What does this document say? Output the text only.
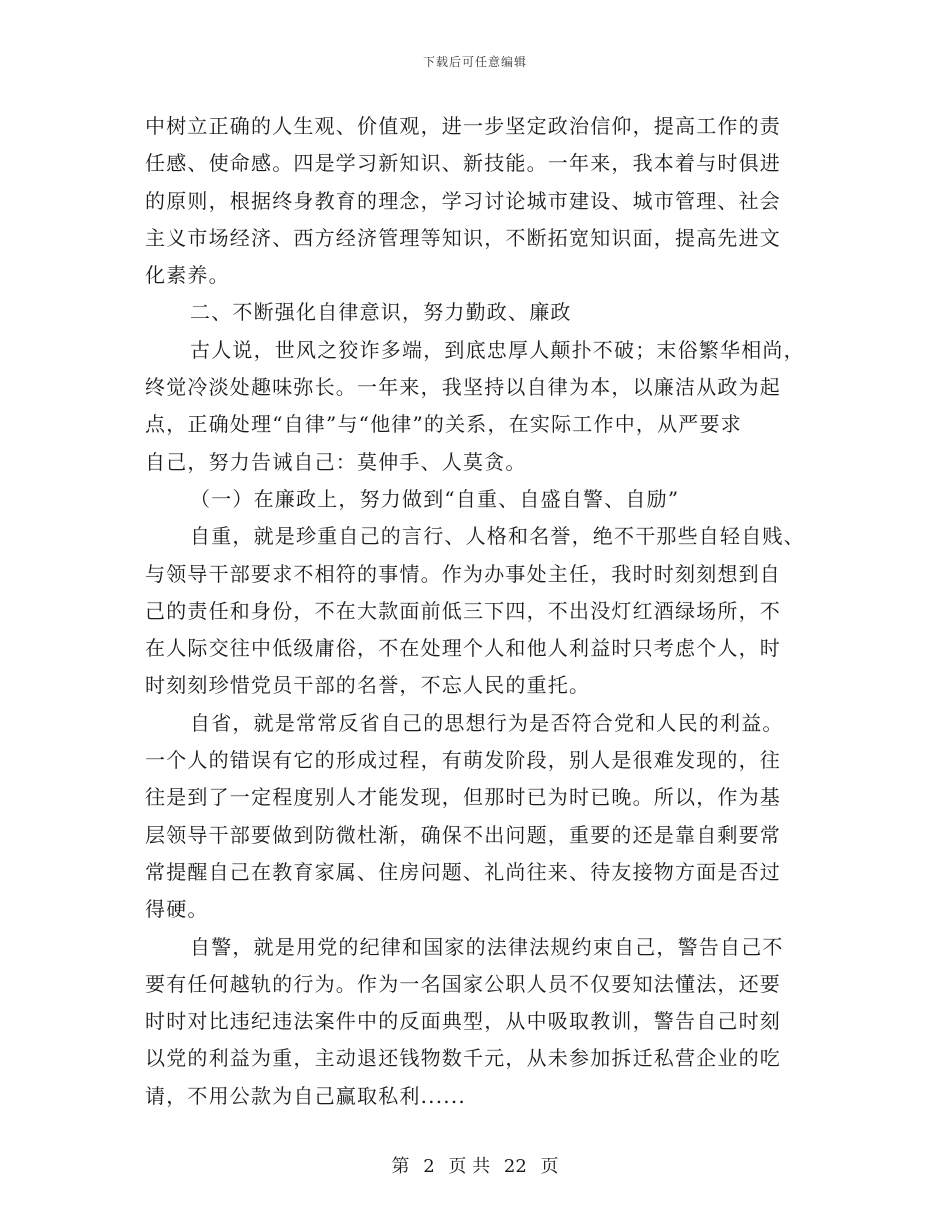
下载后可任意编辑
中树立正确的人生观、价值观，进一步坚定政治信仰，提高工作的责
任感、使命感。四是学习新知识、新技能。一年来，我本着与时俱进
的原则，根据终身教育的理念，学习讨论城市建设、城市管理、社会
主义市场经济、西方经济管理等知识，不断拓宽知识面，提高先进文
化素养。
二、不断强化自律意识，努力勤政、廉政
古人说，世风之狡诈多端，到底忠厚人颠扑不破；末俗繁华相尚，
终觉冷淡处趣味弥长。一年来，我坚持以自律为本，以廉洁从政为起
点，正确处理“自律”与“他律”的关系，在实际工作中，从严要求
自己，努力告诫自己：莫伸手、人莫贪。
（一）在廉政上，努力做到“自重、自盛自警、自励”
自重，就是珍重自己的言行、人格和名誉，绝不干那些自轻自贱、
与领导干部要求不相符的事情。作为办事处主任，我时时刻刻想到自
己的责任和身份，不在大款面前低三下四，不出没灯红酒绿场所，不
在人际交往中低级庸俗，不在处理个人和他人利益时只考虑个人，时
时刻刻珍惜党员干部的名誉，不忘人民的重托。
自省，就是常常反省自己的思想行为是否符合党和人民的利益。
一个人的错误有它的形成过程，有萌发阶段，别人是很难发现的，往
往是到了一定程度别人才能发现，但那时已为时已晚。所以，作为基
层领导干部要做到防微杜渐，确保不出问题，重要的还是靠自剩要常
常提醒自己在教育家属、住房问题、礼尚往来、待友接物方面是否过
得硬。
自警，就是用党的纪律和国家的法律法规约束自己，警告自己不
要有任何越轨的行为。作为一名国家公职人员不仅要知法懂法，还要
时时对比违纪违法案件中的反面典型，从中吸取教训，警告自己时刻
以党的利益为重，主动退还钱物数千元，从未参加拆迁私营企业的吃
请，不用公款为自己赢取私利......
第 2 页 共 22 页
